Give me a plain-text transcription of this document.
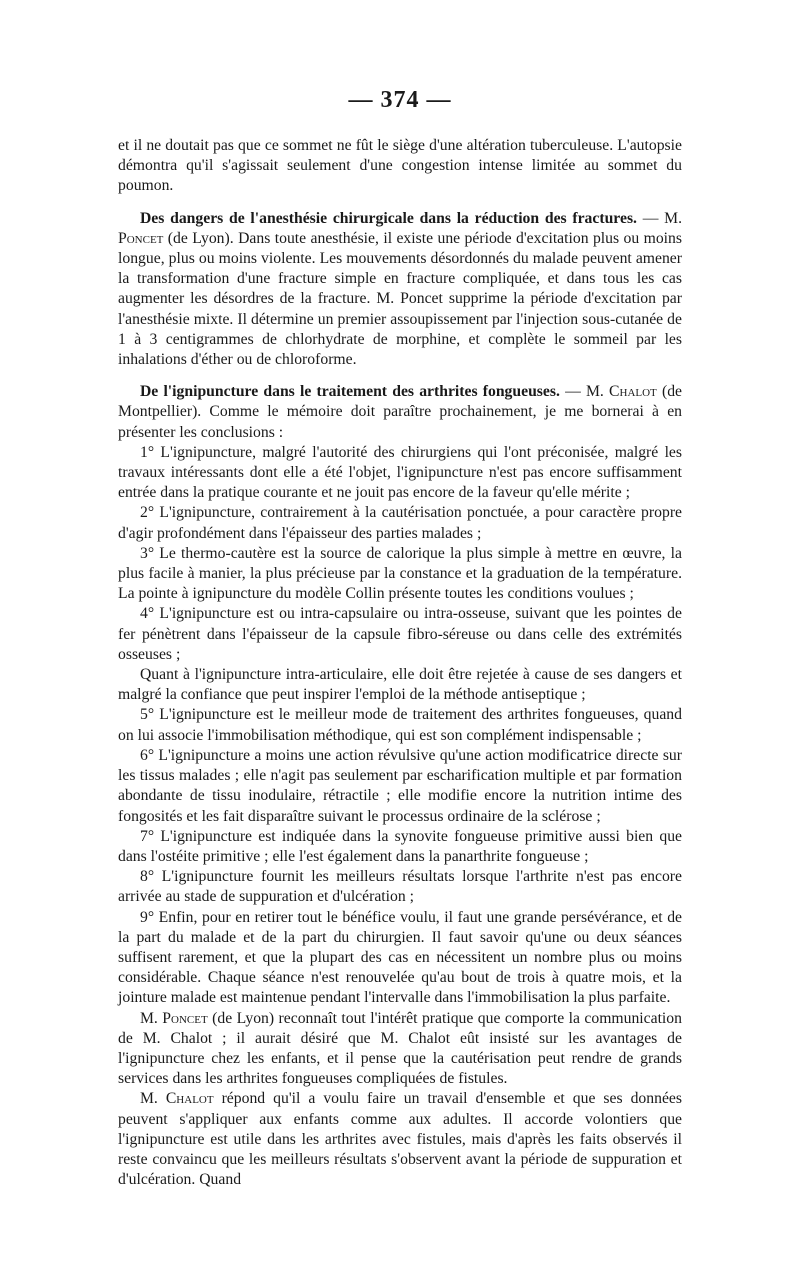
— 374 —

et il ne doutait pas que ce sommet ne fût le siège d'une altération tuberculeuse. L'autopsie démontra qu'il s'agissait seulement d'une congestion intense limitée au sommet du poumon.

Des dangers de l'anesthésie chirurgicale dans la réduction des fractures. — M. Poncet (de Lyon). Dans toute anesthésie, il existe une période d'excitation plus ou moins longue, plus ou moins violente. Les mouvements désordonnés du malade peuvent amener la transformation d'une fracture simple en fracture compliquée, et dans tous les cas augmenter les désordres de la fracture. M. Poncet supprime la période d'excitation par l'anesthésie mixte. Il détermine un premier assoupissement par l'injection sous-cutanée de 1 à 3 centigrammes de chlorhydrate de morphine, et complète le sommeil par les inhalations d'éther ou de chloroforme.

De l'ignipuncture dans le traitement des arthrites fongueuses. — M. Chalot (de Montpellier). Comme le mémoire doit paraître prochainement, je me bornerai à en présenter les conclusions :

1° L'ignipuncture, malgré l'autorité des chirurgiens qui l'ont préconisée, malgré les travaux intéressants dont elle a été l'objet, l'ignipuncture n'est pas encore suffisamment entrée dans la pratique courante et ne jouit pas encore de la faveur qu'elle mérite ;

2° L'ignipuncture, contrairement à la cautérisation ponctuée, a pour caractère propre d'agir profondément dans l'épaisseur des parties malades ;

3° Le thermo-cautère est la source de calorique la plus simple à mettre en œuvre, la plus facile à manier, la plus précieuse par la constance et la graduation de la température. La pointe à ignipuncture du modèle Collin présente toutes les conditions voulues ;

4° L'ignipuncture est ou intra-capsulaire ou intra-osseuse, suivant que les pointes de fer pénètrent dans l'épaisseur de la capsule fibro-séreuse ou dans celle des extrémités osseuses ;

Quant à l'ignipuncture intra-articulaire, elle doit être rejetée à cause de ses dangers et malgré la confiance que peut inspirer l'emploi de la méthode antiseptique ;

5° L'ignipuncture est le meilleur mode de traitement des arthrites fongueuses, quand on lui associe l'immobilisation méthodique, qui est son complément indispensable ;

6° L'ignipuncture a moins une action révulsive qu'une action modificatrice directe sur les tissus malades ; elle n'agit pas seulement par escharification multiple et par formation abondante de tissu inodulaire, rétractile ; elle modifie encore la nutrition intime des fongosités et les fait disparaître suivant le processus ordinaire de la sclérose ;

7° L'ignipuncture est indiquée dans la synovite fongueuse primitive aussi bien que dans l'ostéite primitive ; elle l'est également dans la panarthrite fongueuse ;

8° L'ignipuncture fournit les meilleurs résultats lorsque l'arthrite n'est pas encore arrivée au stade de suppuration et d'ulcération ;

9° Enfin, pour en retirer tout le bénéfice voulu, il faut une grande persévérance, et de la part du malade et de la part du chirurgien. Il faut savoir qu'une ou deux séances suffisent rarement, et que la plupart des cas en nécessitent un nombre plus ou moins considérable. Chaque séance n'est renouvelée qu'au bout de trois à quatre mois, et la jointure malade est maintenue pendant l'intervalle dans l'immobilisation la plus parfaite.

M. Poncet (de Lyon) reconnaît tout l'intérêt pratique que comporte la communication de M. Chalot ; il aurait désiré que M. Chalot eût insisté sur les avantages de l'ignipuncture chez les enfants, et il pense que la cautérisation peut rendre de grands services dans les arthrites fongueuses compliquées de fistules.

M. Chalot répond qu'il a voulu faire un travail d'ensemble et que ses données peuvent s'appliquer aux enfants comme aux adultes. Il accorde volontiers que l'ignipuncture est utile dans les arthrites avec fistules, mais d'après les faits observés il reste convaincu que les meilleurs résultats s'observent avant la période de suppuration et d'ulcération. Quand
